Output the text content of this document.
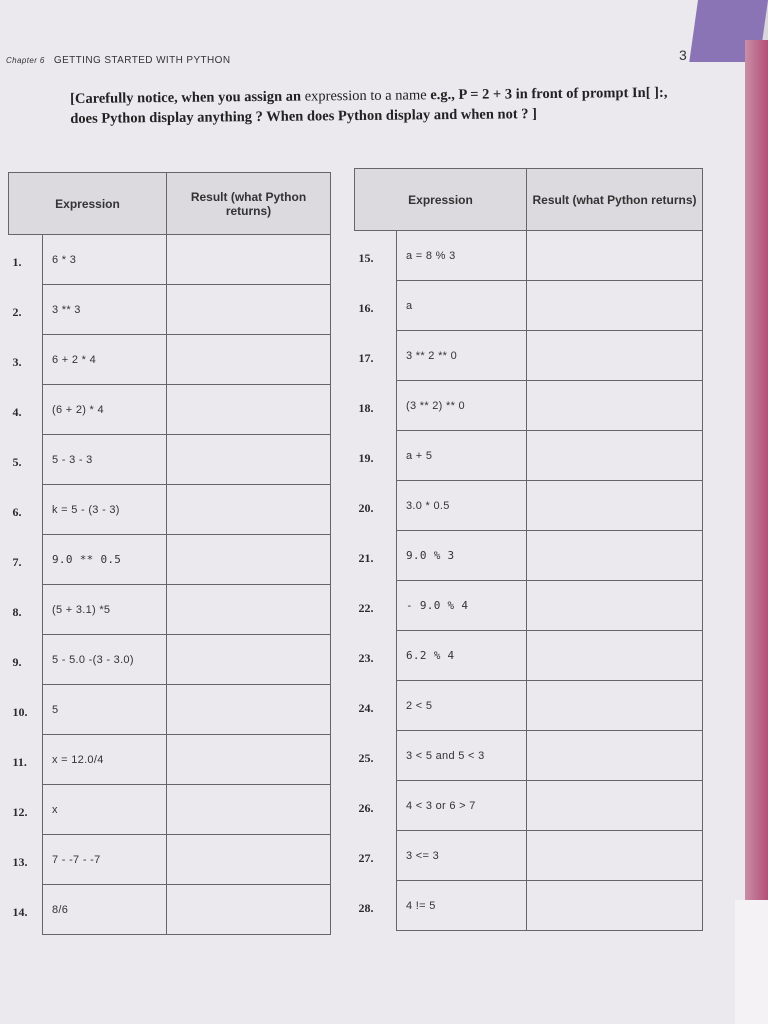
Chapter 6 GETTING STARTED WITH PYTHON	3
[Carefully notice, when you assign an expression to a name e.g., P = 2 + 3 in front of prompt In[ ]:, does Python display anything ? When does Python display and when not ? ]
Expression		Result (what Python returns)
1.	6 * 3	
2.	3 ** 3	
3.	6 + 2 * 4	
4.	(6 + 2) * 4	
5.	5 - 3 - 3	
6.	k = 5 - (3 - 3)	
7.	9.0 ** 0.5	
8.	(5 + 3.1) *5	
9.	5 - 5.0 -(3 - 3.0)	
10.	5	
11.	x = 12.0/4	
12.	x	
13.	7 - -7 - -7	
14.	8/6	
Expression		Result (what Python returns)
15.	a = 8 % 3	
16.	a	
17.	3 ** 2 ** 0	
18.	(3 ** 2) ** 0	
19.	a + 5	
20.	3.0 * 0.5	
21.	9.0 % 3	
22.	- 9.0 % 4	
23.	6.2 % 4	
24.	2 < 5	
25.	3 < 5 and 5 < 3	
26.	4 < 3 or 6 > 7	
27.	3 <= 3	
28.	4 != 5	
